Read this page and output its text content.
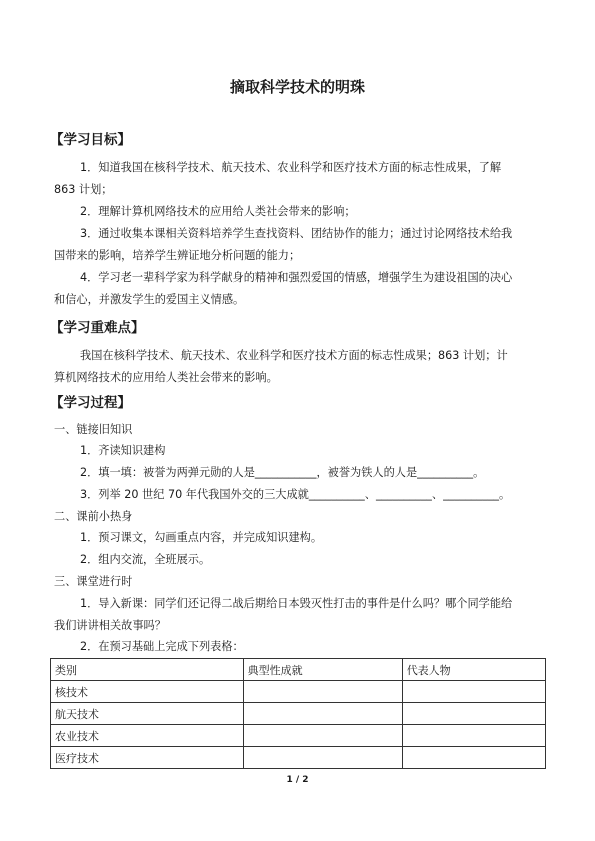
摘取科学技术的明珠
【学习目标】

1．知道我国在核科学技术、航天技术、农业科学和医疗技术方面的标志性成果，了解

863 计划；

2．理解计算机网络技术的应用给人类社会带来的影响；

3．通过收集本课相关资料培养学生查找资料、团结协作的能力；通过讨论网络技术给我

国带来的影响，培养学生辨证地分析问题的能力；

4．学习老一辈科学家为科学献身的精神和强烈爱国的情感，增强学生为建设祖国的决心

和信心，并激发学生的爱国主义情感。

【学习重难点】

我国在核科学技术、航天技术、农业科学和医疗技术方面的标志性成果；863 计划；计

算机网络技术的应用给人类社会带来的影响。

【学习过程】

一、链接旧知识

1．齐读知识建构

2．填一填：被誉为两弹元勋的人是___________，被誉为铁人的人是__________。

3．列举 20 世纪 70 年代我国外交的三大成就__________、__________、__________。

二、课前小热身

1．预习课文，勾画重点内容，并完成知识建构。

2．组内交流，全班展示。

三、课堂进行时

1．导入新课：同学们还记得二战后期给日本毁灭性打击的事件是什么吗？哪个同学能给

我们讲讲相关故事吗？

2．在预习基础上完成下列表格：

类别	典型性成就	代表人物
核技术		
航天技术		
农业技术		
医疗技术		

1 / 2
